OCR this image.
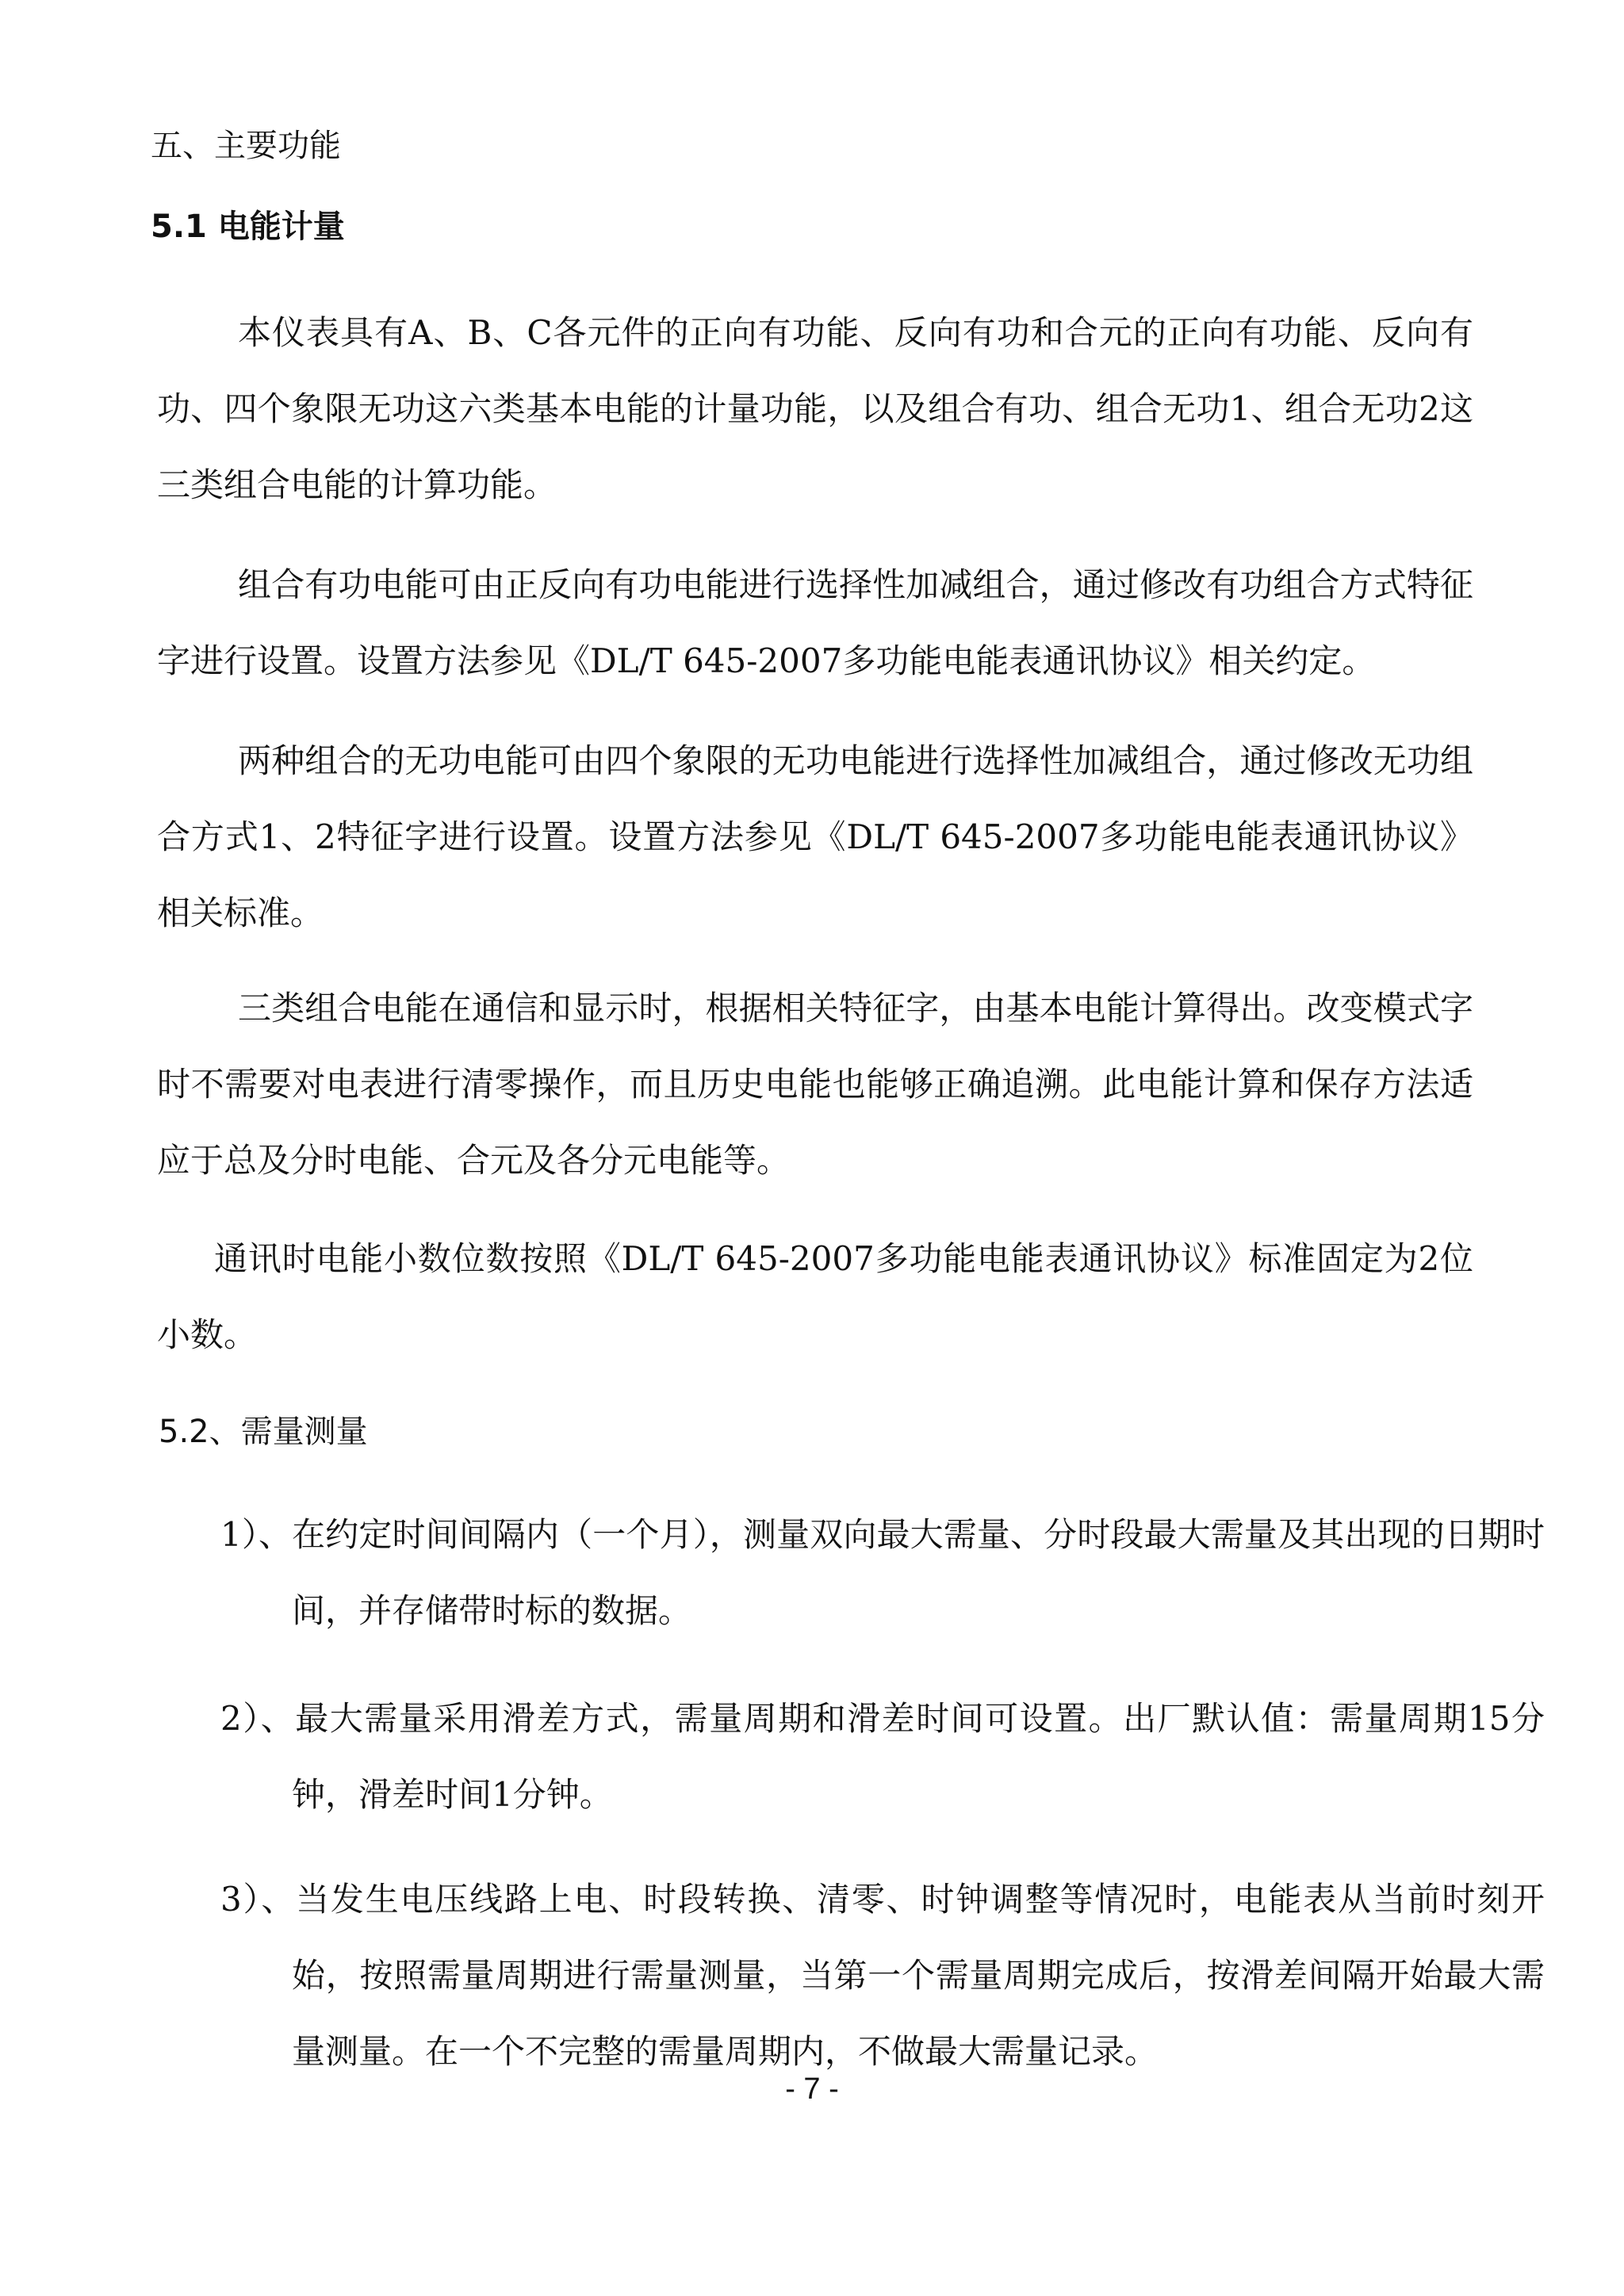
五、主要功能
5.1 电能计量

本仪表具有A、B、C各元件的正向有功能、反向有功和合元的正向有功能、反向有功、四个象限无功这六类基本电能的计量功能，以及组合有功、组合无功1、组合无功2这三类组合电能的计算功能。

组合有功电能可由正反向有功电能进行选择性加减组合，通过修改有功组合方式特征字进行设置。设置方法参见《DL/T 645-2007多功能电能表通讯协议》相关约定。

两种组合的无功电能可由四个象限的无功电能进行选择性加减组合，通过修改无功组合方式1、2特征字进行设置。设置方法参见《DL/T 645-2007多功能电能表通讯协议》相关标准。

三类组合电能在通信和显示时，根据相关特征字，由基本电能计算得出。改变模式字时不需要对电表进行清零操作，而且历史电能也能够正确追溯。此电能计算和保存方法适应于总及分时电能、合元及各分元电能等。

通讯时电能小数位数按照《DL/T 645-2007多功能电能表通讯协议》标准固定为2位小数。

5.2、需量测量

1）、在约定时间间隔内（一个月），测量双向最大需量、分时段最大需量及其出现的日期时间，并存储带时标的数据。

2）、最大需量采用滑差方式，需量周期和滑差时间可设置。出厂默认值：需量周期15分钟，滑差时间1分钟。

3）、当发生电压线路上电、时段转换、清零、时钟调整等情况时，电能表从当前时刻开始，按照需量周期进行需量测量，当第一个需量周期完成后，按滑差间隔开始最大需量测量。在一个不完整的需量周期内，不做最大需量记录。

- 7 -
